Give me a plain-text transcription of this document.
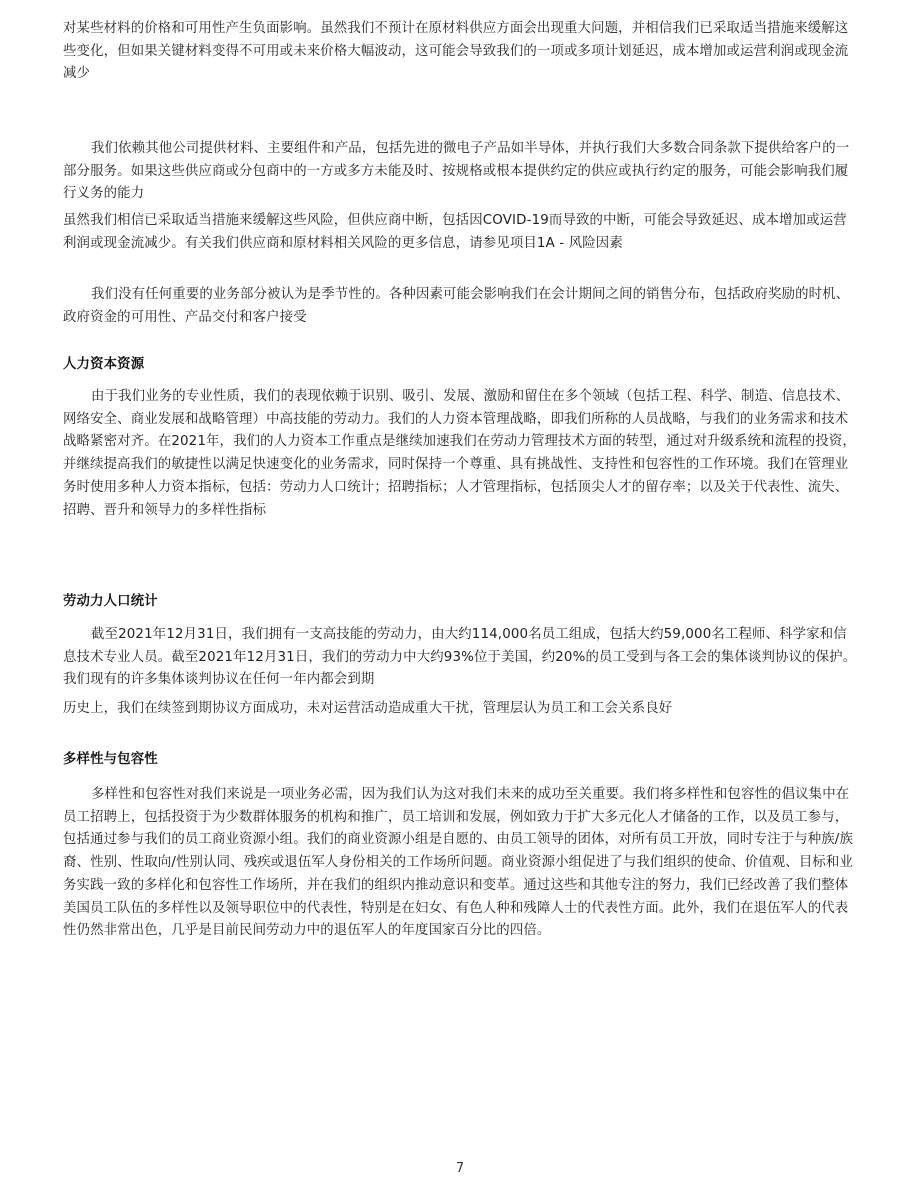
对某些材料的价格和可用性产生负面影响。虽然我们不预计在原材料供应方面会出现重大问题，并相信我们已采取适当措施来缓解这些变化，但如果关键材料变得不可用或未来价格大幅波动，这可能会导致我们的一项或多项计划延迟，成本增加或运营利润或现金流减少

我们依赖其他公司提供材料、主要组件和产品，包括先进的微电子产品如半导体，并执行我们大多数合同条款下提供给客户的一部分服务。如果这些供应商或分包商中的一方或多方未能及时、按规格或根本提供约定的供应或执行约定的服务，可能会影响我们履行义务的能力

虽然我们相信已采取适当措施来缓解这些风险，但供应商中断，包括因COVID-19而导致的中断，可能会导致延迟、成本增加或运营利润或现金流减少。有关我们供应商和原材料相关风险的更多信息，请参见项目1A - 风险因素

我们没有任何重要的业务部分被认为是季节性的。各种因素可能会影响我们在会计期间之间的销售分布，包括政府奖励的时机、政府资金的可用性、产品交付和客户接受

人力资本资源

由于我们业务的专业性质，我们的表现依赖于识别、吸引、发展、激励和留住在多个领域（包括工程、科学、制造、信息技术、网络安全、商业发展和战略管理）中高技能的劳动力。我们的人力资本管理战略，即我们所称的人员战略，与我们的业务需求和技术战略紧密对齐。在2021年，我们的人力资本工作重点是继续加速我们在劳动力管理技术方面的转型，通过对升级系统和流程的投资，并继续提高我们的敏捷性以满足快速变化的业务需求，同时保持一个尊重、具有挑战性、支持性和包容性的工作环境。我们在管理业务时使用多种人力资本指标，包括：劳动力人口统计；招聘指标；人才管理指标，包括顶尖人才的留存率；以及关于代表性、流失、招聘、晋升和领导力的多样性指标

劳动力人口统计

截至2021年12月31日，我们拥有一支高技能的劳动力，由大约114,000名员工组成，包括大约59,000名工程师、科学家和信息技术专业人员。截至2021年12月31日，我们的劳动力中大约93%位于美国，约20%的员工受到与各工会的集体谈判协议的保护。我们现有的许多集体谈判协议在任何一年内都会到期

历史上，我们在续签到期协议方面成功，未对运营活动造成重大干扰，管理层认为员工和工会关系良好

多样性与包容性

多样性和包容性对我们来说是一项业务必需，因为我们认为这对我们未来的成功至关重要。我们将多样性和包容性的倡议集中在员工招聘上，包括投资于为少数群体服务的机构和推广，员工培训和发展，例如致力于扩大多元化人才储备的工作，以及员工参与，包括通过参与我们的员工商业资源小组。我们的商业资源小组是自愿的、由员工领导的团体，对所有员工开放，同时专注于与种族/族裔、性别、性取向/性别认同、残疾或退伍军人身份相关的工作场所问题。商业资源小组促进了与我们组织的使命、价值观、目标和业务实践一致的多样化和包容性工作场所，并在我们的组织内推动意识和变革。通过这些和其他专注的努力，我们已经改善了我们整体美国员工队伍的多样性以及领导职位中的代表性，特别是在妇女、有色人种和残障人士的代表性方面。此外，我们在退伍军人的代表性仍然非常出色，几乎是目前民间劳动力中的退伍军人的年度国家百分比的四倍。

7
